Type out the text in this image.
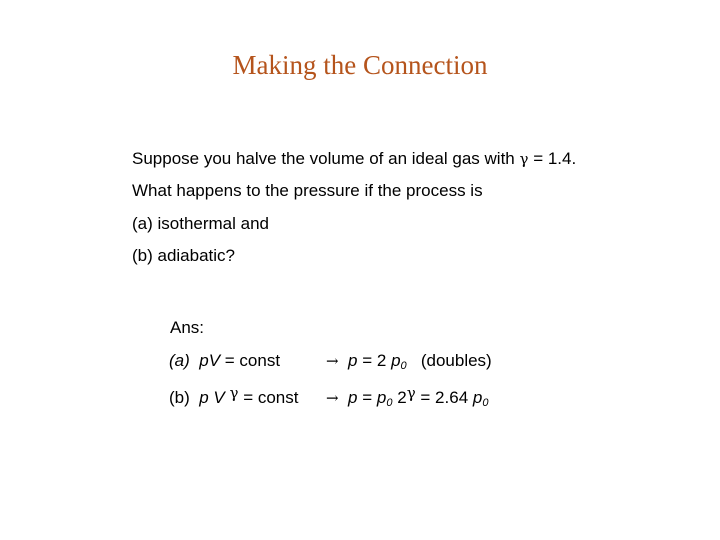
Making the Connection
Suppose you halve the volume of an ideal gas with γ = 1.4.
What happens to the pressure if the process is
(a) isothermal and
(b) adiabatic?
Ans:
(a) pV = const	→ p = 2 $p_0$ (doubles)
(b) p V $^\gamma$ = const → $p = p_0$ $2^\gamma = 2.64$ $p_0$
